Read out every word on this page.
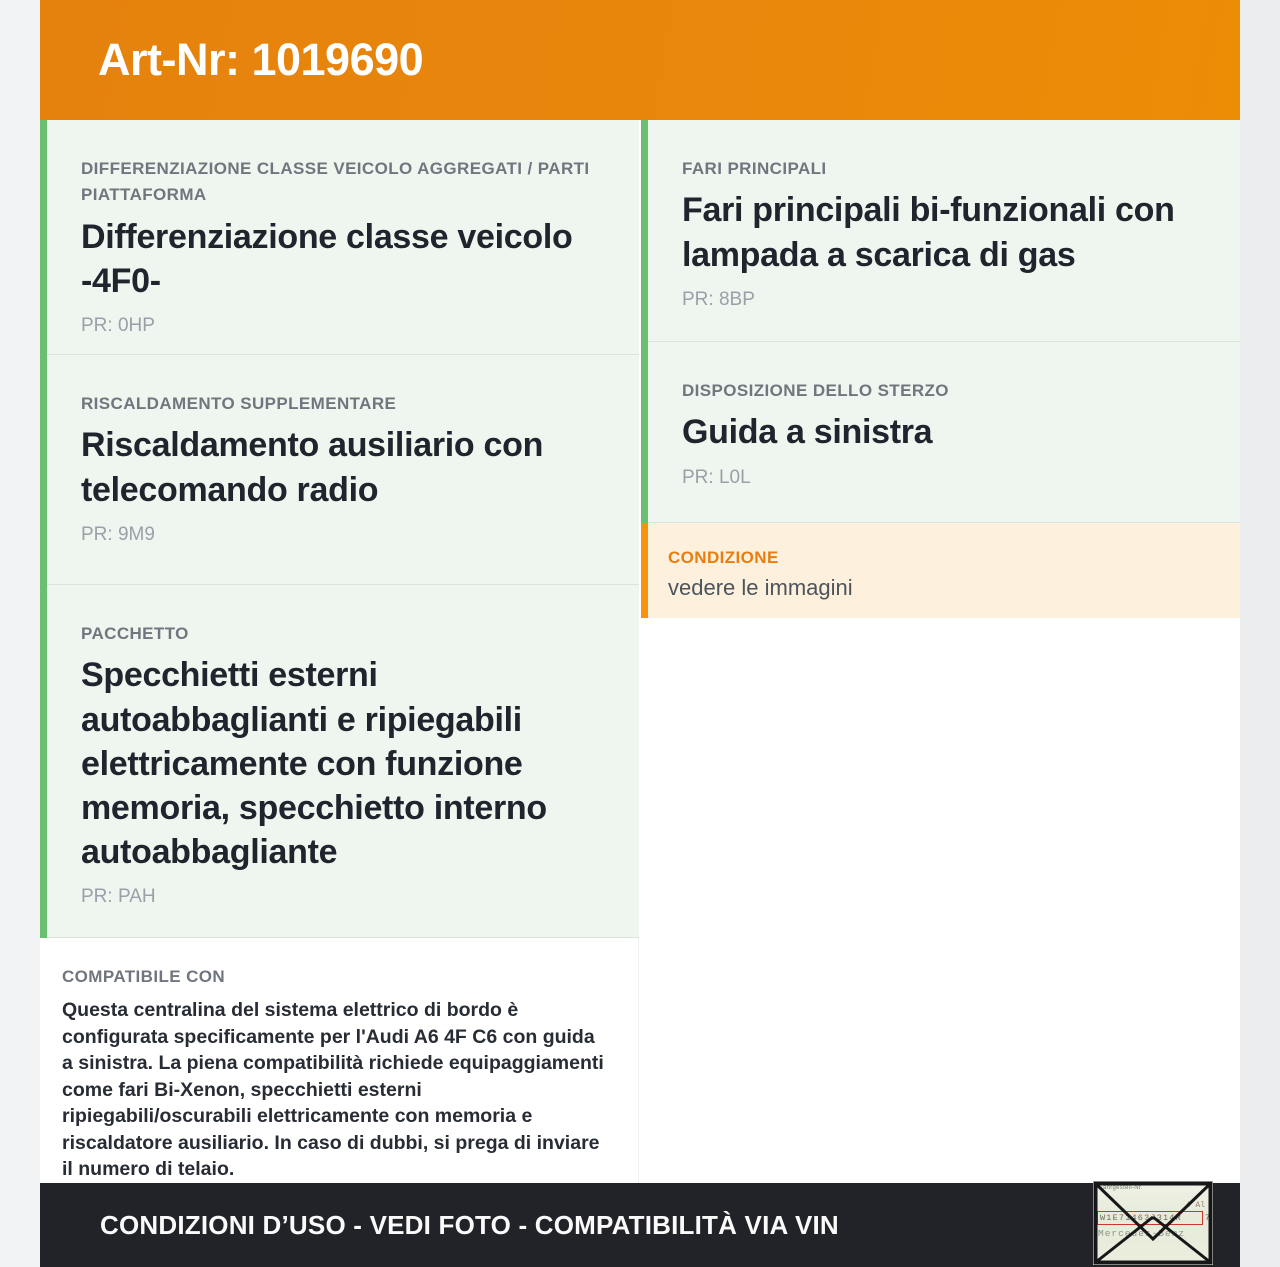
Art-Nr: 1019690
DIFFERENZIAZIONE CLASSE VEICOLO AGGREGATI / PARTI PIATTAFORMA
Differenziazione classe veicolo -4F0-
PR: 0HP
RISCALDAMENTO SUPPLEMENTARE
Riscaldamento ausiliario con telecomando radio
PR: 9M9
PACCHETTO
Specchietti esterni autoabbaglianti e ripiegabili elettricamente con funzione memoria, specchietto interno autoabbagliante
PR: PAH
COMPATIBILE CON

Questa centralina del sistema elettrico di bordo è configurata specificamente per l'Audi A6 4F C6 con guida a sinistra. La piena compatibilità richiede equipaggiamenti come fari Bi-Xenon, specchietti esterni ripiegabili/oscurabili elettricamente con memoria e riscaldatore ausiliario. In caso di dubbi, si prega di inviare il numero di telaio.

FARI PRINCIPALI
Fari principali bi-funzionali con lampada a scarica di gas
PR: 8BP
DISPOSIZIONE DELLO STERZO
Guida a sinistra
PR: L0L
CONDIZIONE
vedere le immagini
CONDIZIONI D’USO - VEDI FOTO - COMPATIBILITÀ VIA VIN
Fahrgestell-Nr.
4 Al
W1E71463J314R	7
Mercedes-Benz
